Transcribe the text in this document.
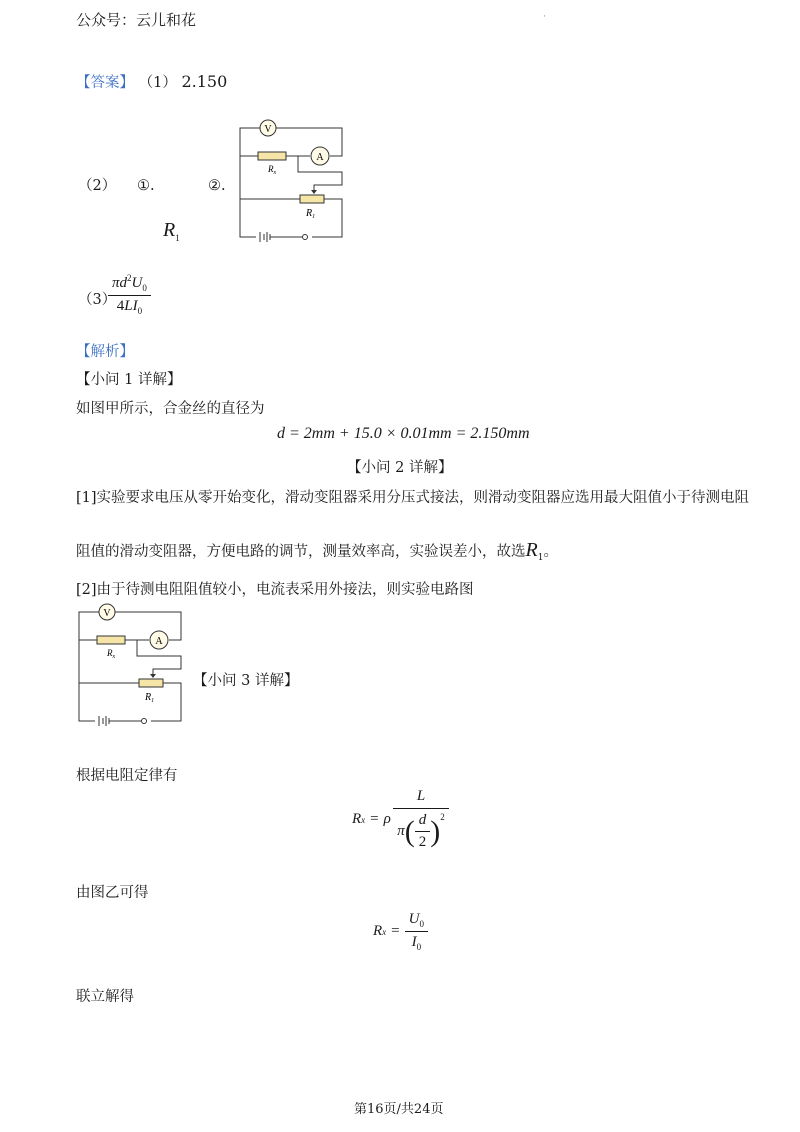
公众号：云儿和花	·
【答案】 （1） 2.150
（2） ①.	②.
$R_1$
V
A
$R_x$
$R_1$
（3）
$\frac{\pi d^2U_0}{4LI_0}$
【解析】
【小问 1 详解】
如图甲所示，合金丝的直径为
d = 2mm + 15.0 × 0.01mm = 2.150mm
【小问 2 详解】
[1]实验要求电压从零开始变化，滑动变阻器采用分压式接法，则滑动变阻器应选用最大阻值小于待测电阻
阻值的滑动变阻器，方便电路的调节，测量效率高，实验误差小，故选$R_1$。
[2]由于待测电阻阻值较小，电流表采用外接法，则实验电路图
V
A
$R_x$
$R_1$
【小问 3 详解】
根据电阻定律有
R x = ρ $\frac{L}{\pi ( \frac{d}{2} )^2}$
由图乙可得
R $x = \frac{U_0}{I_0}$
联立解得
第16页/共24页
